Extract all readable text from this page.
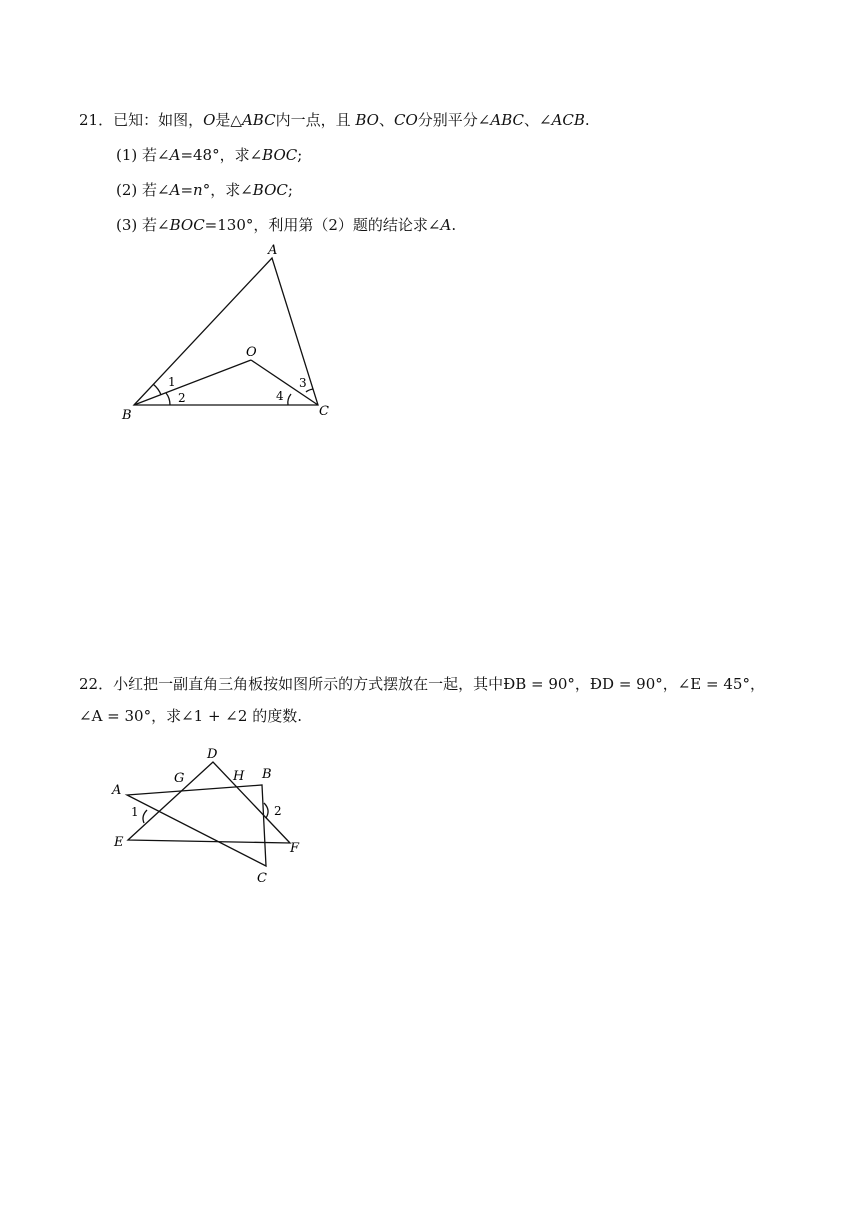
21．已知：如图，O是△ABC内一点，且 BO、CO分别平分∠ABC、∠ACB.

(1) 若∠A=48°，求∠BOC;

(2) 若∠A=n°，求∠BOC;

(3) 若∠BOC=130°，利用第（2）题的结论求∠A.

A
O
B	C
1
2
3
4

22．小红把一副直角三角板按如图所示的方式摆放在一起，其中ÐB = 90°，ÐD = 90°，∠E = 45°，

∠A = 30°，求∠1 + ∠2 的度数.

D
G	H B
A
1	2
E	F
C
